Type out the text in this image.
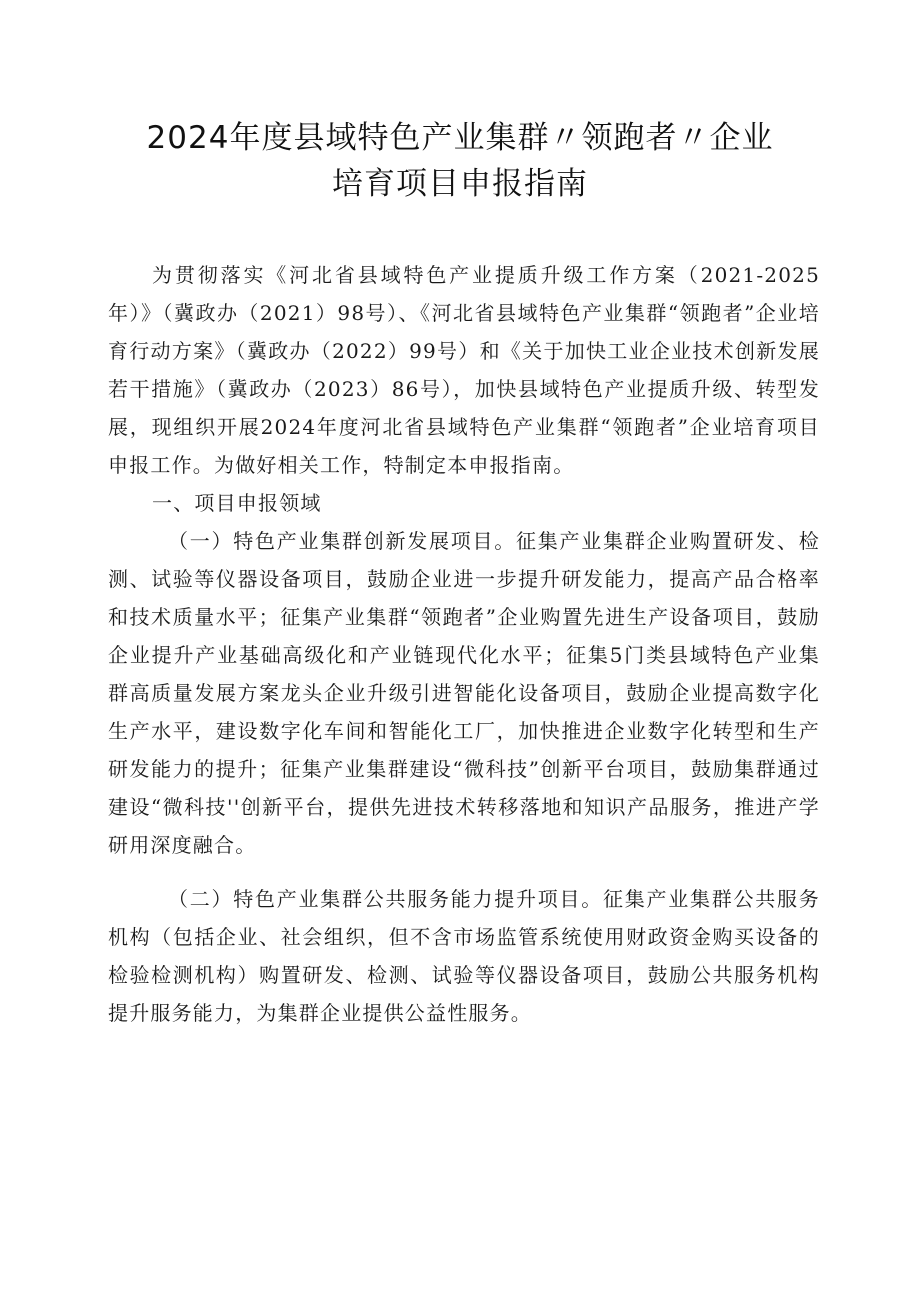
2024年度县域特色产业集群〃领跑者〃企业
培育项目申报指南

为贯彻落实《河北省县域特色产业提质升级工作方案（2021-2025年）》（冀政办（2021）98号）、《河北省县域特色产业集群“领跑者”企业培育行动方案》（冀政办（2022）99号）和《关于加快工业企业技术创新发展若干措施》（冀政办（2023）86号），加快县域特色产业提质升级、转型发展，现组织开展2024年度河北省县域特色产业集群“领跑者”企业培育项目申报工作。为做好相关工作，特制定本申报指南。

一、项目申报领域

（一）特色产业集群创新发展项目。征集产业集群企业购置研发、检测、试验等仪器设备项目，鼓励企业进一步提升研发能力，提高产品合格率和技术质量水平；征集产业集群“领跑者”企业购置先进生产设备项目，鼓励企业提升产业基础高级化和产业链现代化水平；征集5门类县域特色产业集群高质量发展方案龙头企业升级引进智能化设备项目，鼓励企业提高数字化生产水平，建设数字化车间和智能化工厂，加快推进企业数字化转型和生产研发能力的提升；征集产业集群建设“微科技”创新平台项目，鼓励集群通过建设“微科技''创新平台，提供先进技术转移落地和知识产品服务，推进产学研用深度融合。

（二）特色产业集群公共服务能力提升项目。征集产业集群公共服务机构（包括企业、社会组织，但不含市场监管系统使用财政资金购买设备的检验检测机构）购置研发、检测、试验等仪器设备项目，鼓励公共服务机构提升服务能力，为集群企业提供公益性服务。
